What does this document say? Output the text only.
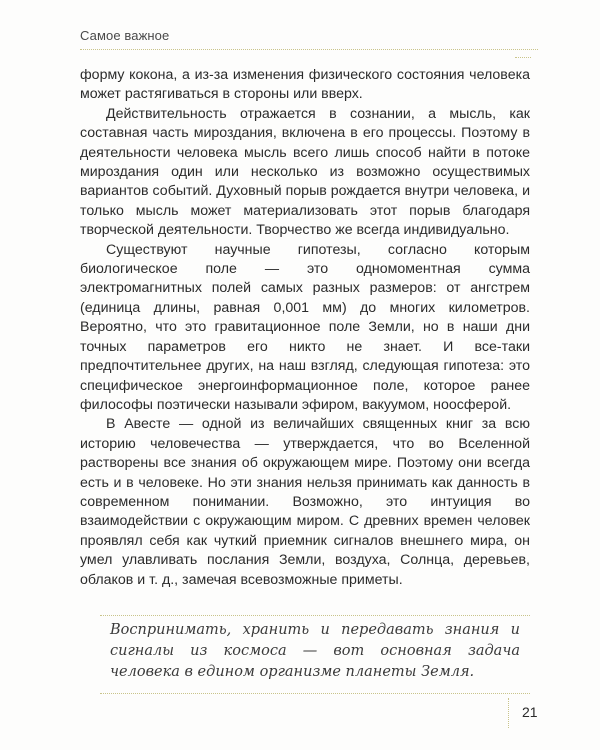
Самое важное

форму кокона, а из-за изменения физического состояния человека может растягиваться в стороны или вверх.

Действительность отражается в сознании, а мысль, как составная часть мироздания, включена в его процессы. Поэтому в деятельности человека мысль всего лишь способ найти в потоке мироздания один или несколько из возможно осуществимых вариантов событий. Духовный порыв рождается внутри человека, и только мысль может материализовать этот порыв благодаря творческой деятельности. Творчество же всегда индивидуально.

Существуют научные гипотезы, согласно которым биологическое поле — это одномоментная сумма электромагнитных полей самых разных размеров: от ангстрем (единица длины, равная 0,001 мм) до многих километров. Вероятно, что это гравитационное поле Земли, но в наши дни точных параметров его никто не знает. И все-таки предпочтительнее других, на наш взгляд, следующая гипотеза: это специфическое энергоинформационное поле, которое ранее философы поэтически называли эфиром, вакуумом, ноосферой.

В Авесте — одной из величайших священных книг за всю историю человечества — утверждается, что во Вселенной растворены все знания об окружающем мире. Поэтому они всегда есть и в человеке. Но эти знания нельзя принимать как данность в современном понимании. Возможно, это интуиция во взаимодействии с окружающим миром. С древних времен человек проявлял себя как чуткий приемник сигналов внешнего мира, он умел улавливать послания Земли, воздуха, Солнца, деревьев, облаков и т. д., замечая всевозможные приметы.

Воспринимать, хранить и передавать знания и сигналы из космоса — вот основная задача человека в едином организме планеты Земля.
21
